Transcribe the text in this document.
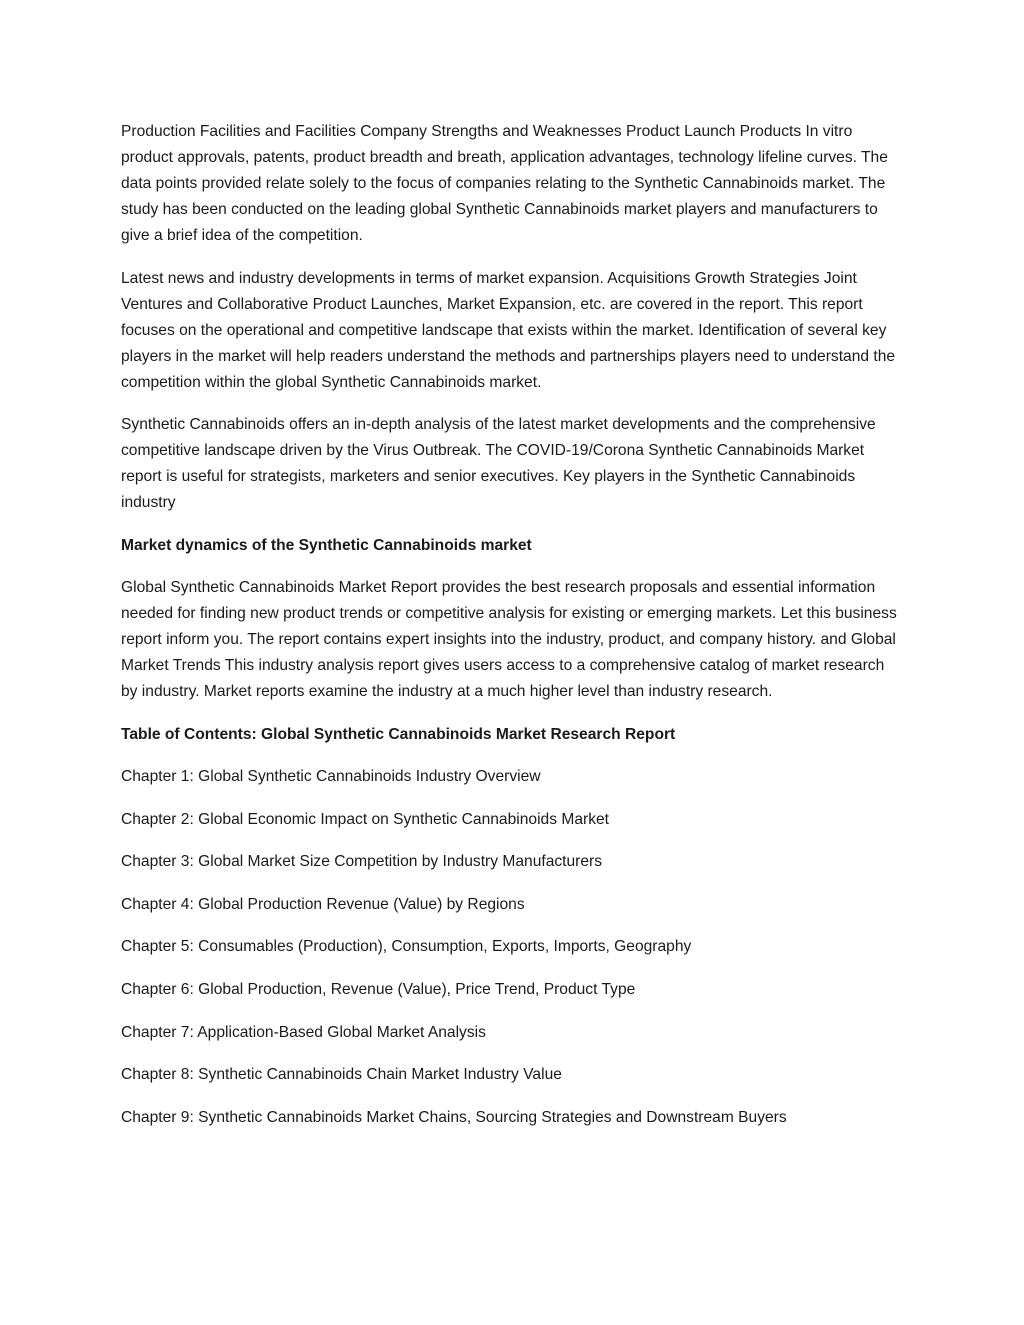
Production Facilities and Facilities Company Strengths and Weaknesses Product Launch Products In vitro product approvals, patents, product breadth and breath, application advantages, technology lifeline curves. The data points provided relate solely to the focus of companies relating to the Synthetic Cannabinoids market. The study has been conducted on the leading global Synthetic Cannabinoids market players and manufacturers to give a brief idea of the competition.

Latest news and industry developments in terms of market expansion. Acquisitions Growth Strategies Joint Ventures and Collaborative Product Launches, Market Expansion, etc. are covered in the report. This report focuses on the operational and competitive landscape that exists within the market. Identification of several key players in the market will help readers understand the methods and partnerships players need to understand the competition within the global Synthetic Cannabinoids market.

Synthetic Cannabinoids offers an in-depth analysis of the latest market developments and the comprehensive competitive landscape driven by the Virus Outbreak. The COVID-19/Corona Synthetic Cannabinoids Market report is useful for strategists, marketers and senior executives. Key players in the Synthetic Cannabinoids industry

Market dynamics of the Synthetic Cannabinoids market

Global Synthetic Cannabinoids Market Report provides the best research proposals and essential information needed for finding new product trends or competitive analysis for existing or emerging markets. Let this business report inform you. The report contains expert insights into the industry, product, and company history. and Global Market Trends This industry analysis report gives users access to a comprehensive catalog of market research by industry. Market reports examine the industry at a much higher level than industry research.

Table of Contents: Global Synthetic Cannabinoids Market Research Report

Chapter 1: Global Synthetic Cannabinoids Industry Overview

Chapter 2: Global Economic Impact on Synthetic Cannabinoids Market

Chapter 3: Global Market Size Competition by Industry Manufacturers

Chapter 4: Global Production Revenue (Value) by Regions

Chapter 5: Consumables (Production), Consumption, Exports, Imports, Geography

Chapter 6: Global Production, Revenue (Value), Price Trend, Product Type

Chapter 7: Application-Based Global Market Analysis

Chapter 8: Synthetic Cannabinoids Chain Market Industry Value

Chapter 9: Synthetic Cannabinoids Market Chains, Sourcing Strategies and Downstream Buyers
